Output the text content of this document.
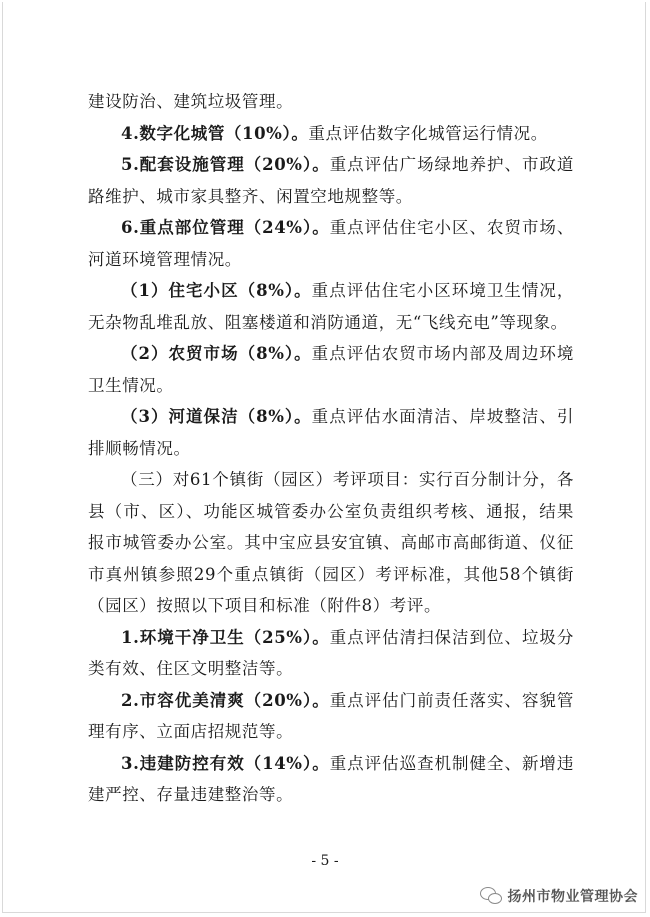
建设防治、建筑垃圾管理。

4.数字化城管（10%）。重点评估数字化城管运行情况。

5.配套设施管理（20%）。重点评估广场绿地养护、市政道路维护、城市家具整齐、闲置空地规整等。

6.重点部位管理（24%）。重点评估住宅小区、农贸市场、河道环境管理情况。

（1）住宅小区（8%）。重点评估住宅小区环境卫生情况，无杂物乱堆乱放、阻塞楼道和消防通道，无“飞线充电”等现象。

（2）农贸市场（8%）。重点评估农贸市场内部及周边环境卫生情况。

（3）河道保洁（8%）。重点评估水面清洁、岸坡整洁、引排顺畅情况。

（三）对61个镇街（园区）考评项目：实行百分制计分，各县（市、区）、功能区城管委办公室负责组织考核、通报，结果报市城管委办公室。其中宝应县安宜镇、高邮市高邮街道、仪征市真州镇参照29个重点镇街（园区）考评标准，其他58个镇街（园区）按照以下项目和标准（附件8）考评。

1.环境干净卫生（25%）。重点评估清扫保洁到位、垃圾分类有效、住区文明整洁等。

2.市容优美清爽（20%）。重点评估门前责任落实、容貌管理有序、立面店招规范等。

3.违建防控有效（14%）。重点评估巡查机制健全、新增违建严控、存量违建整治等。

- 5 -
扬州市物业管理协会
